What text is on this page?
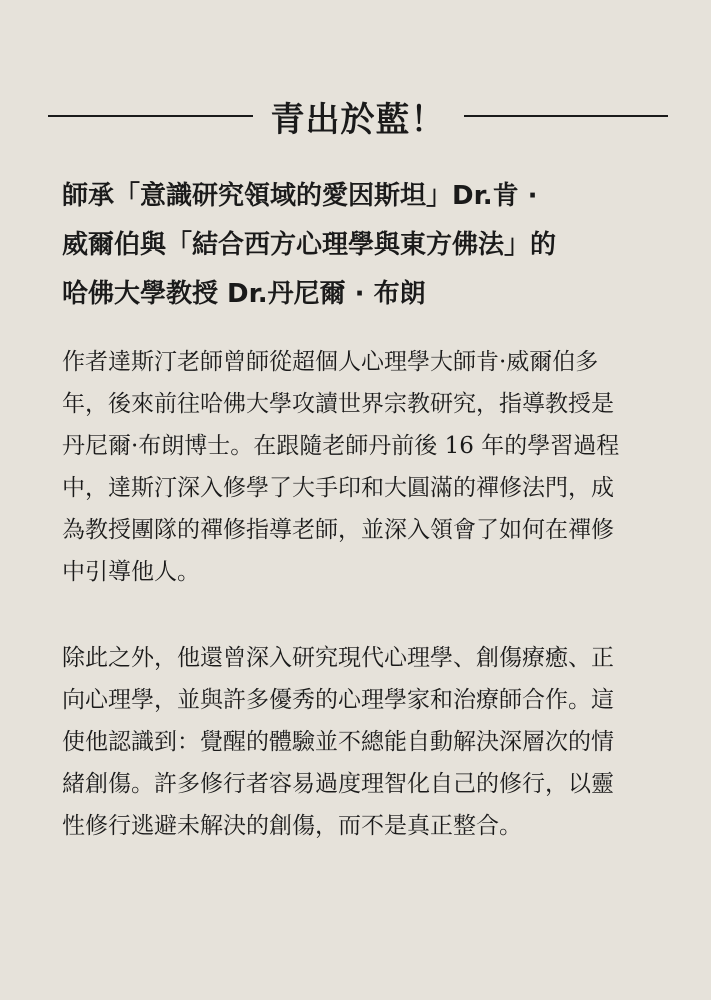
青出於藍！
師承「意識研究領域的愛因斯坦」Dr.肯 ·
威爾伯與「結合西方心理學與東方佛法」的
哈佛大學教授 Dr.丹尼爾 · 布朗
作者達斯汀老師曾師從超個人心理學大師肯·威爾伯多
年，後來前往哈佛大學攻讀世界宗教研究，指導教授是
丹尼爾·布朗博士。在跟隨老師丹前後 16 年的學習過程
中，達斯汀深入修學了大手印和大圓滿的禪修法門，成
為教授團隊的禪修指導老師，並深入領會了如何在禪修
中引導他人。
除此之外，他還曾深入研究現代心理學、創傷療癒、正
向心理學，並與許多優秀的心理學家和治療師合作。這
使他認識到：覺醒的體驗並不總能自動解決深層次的情
緒創傷。許多修行者容易過度理智化自己的修行，以靈
性修行逃避未解決的創傷，而不是真正整合。
